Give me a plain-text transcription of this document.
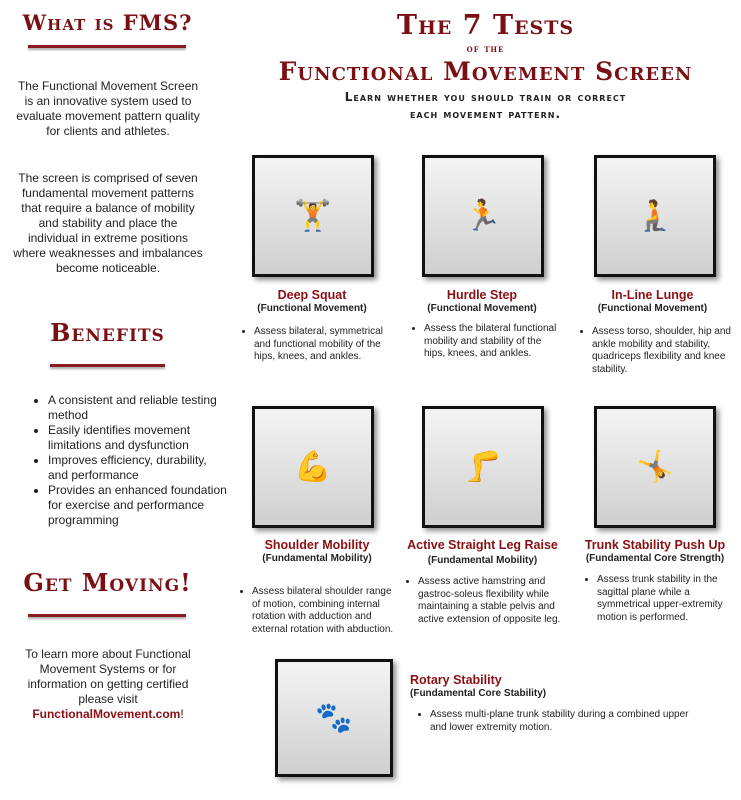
What is FMS?
The Functional Movement Screen is an innovative system used to evaluate movement pattern quality for clients and athletes.
The screen is comprised of seven fundamental movement patterns that require a balance of mobility and stability and place the individual in extreme positions where weaknesses and imbalances become noticeable.
Benefits
• A consistent and reliable testing method
• Easily identifies movement limitations and dysfunction
• Improves efficiency, durability, and performance
• Provides an enhanced foundation for exercise and performance programming
Get Moving!
To learn more about Functional Movement Systems or for information on getting certified please visit FunctionalMovement.com!
The 7 Tests
of the
Functional Movement Screen
Learn whether you should train or correct
each movement pattern.
🏋	🏃	🧎
Deep Squat
(Functional Movement)
• Assess bilateral, symmetrical and functional mobility of the hips, knees, and ankles.
Hurdle Step
(Functional Movement)
• Assess the bilateral functional mobility and stability of the hips, knees, and ankles.
In-Line Lunge
(Functional Movement)
• Assess torso, shoulder, hip and ankle mobility and stability, quadriceps flexibility and knee stability.
💪	🦵	🤸
Shoulder Mobility
(Fundamental Mobility)
• Assess bilateral shoulder range of motion, combining internal rotation with adduction and external rotation with abduction.
Active Straight Leg Raise
(Fundamental Mobility)
• Assess active hamstring and gastroc-soleus flexibility while maintaining a stable pelvis and active extension of opposite leg.
Trunk Stability Push Up
(Fundamental Core Strength)
• Assess trunk stability in the sagittal plane while a symmetrical upper-extremity motion is performed.
🐾
Rotary Stability
(Fundamental Core Stability)
• Assess multi-plane trunk stability during a combined upper and lower extremity motion.
